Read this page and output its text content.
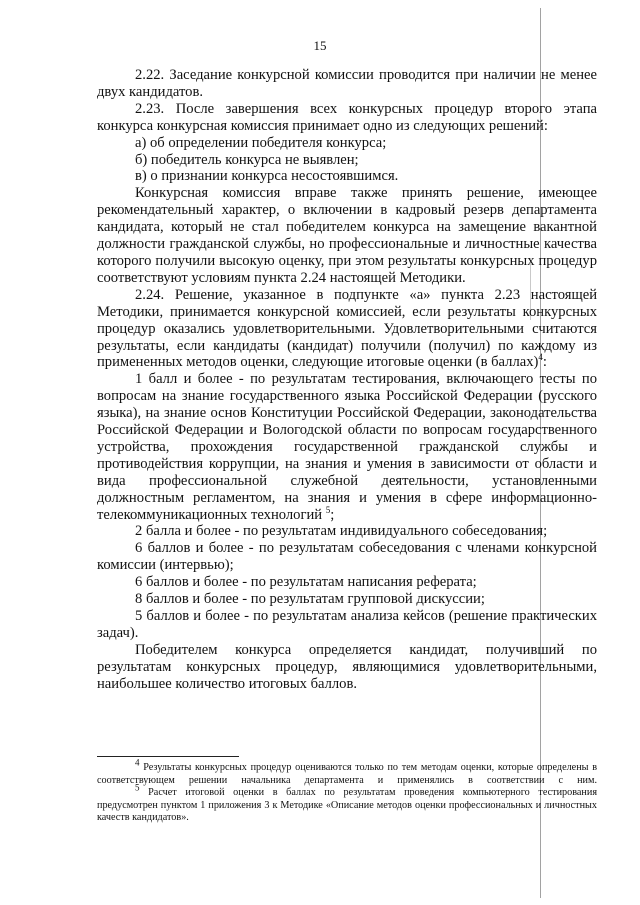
15

2.22. Заседание конкурсной комиссии проводится при наличии не менее двух кандидатов.

2.23. После завершения всех конкурсных процедур второго этапа конкурса конкурсная комиссия принимает одно из следующих решений:

а) об определении победителя конкурса;

б) победитель конкурса не выявлен;

в) о признании конкурса несостоявшимся.

Конкурсная комиссия вправе также принять решение, имеющее рекомендательный характер, о включении в кадровый резерв департамента кандидата, который не стал победителем конкурса на замещение вакантной должности гражданской службы, но профессиональные и личностные качества которого получили высокую оценку, при этом результаты конкурсных процедур соответствуют условиям пункта 2.24 настоящей Методики.

2.24. Решение, указанное в подпункте «а» пункта 2.23 настоящей Методики, принимается конкурсной комиссией, если результаты конкурсных процедур оказались удовлетворительными. Удовлетворительными считаются результаты, если кандидаты (кандидат) получили (получил) по каждому из примененных методов оценки, следующие итоговые оценки (в баллах)$^4$:

1 балл и более - по результатам тестирования, включающего тесты по вопросам на знание государственного языка Российской Федерации (русского языка), на знание основ Конституции Российской Федерации, законодательства Российской Федерации и Вологодской области по вопросам государственного устройства, прохождения государственной гражданской службы и противодействия коррупции, на знания и умения в зависимости от области и вида профессиональной служебной деятельности, установленными должностным регламентом, на знания и умения в сфере информационно-телекоммуникационных технологий $^5$;

2 балла и более - по результатам индивидуального собеседования;

6 баллов и более - по результатам собеседования с членами конкурсной комиссии (интервью);

6 баллов и более - по результатам написания реферата;

8 баллов и более - по результатам групповой дискуссии;

5 баллов и более - по результатам анализа кейсов (решение практических задач).

Победителем конкурса определяется кандидат, получивший по результатам конкурсных процедур, являющимися удовлетворительными, наибольшее количество итоговых баллов.

$^4$ Результаты конкурсных процедур оцениваются только по тем методам оценки, которые определены в соответствующем решении начальника департамента и применялись в соответствии с ним.

$^5$ Расчет итоговой оценки в баллах по результатам проведения компьютерного тестирования предусмотрен пунктом 1 приложения 3 к Методике «Описание методов оценки профессиональных и личностных качеств кандидатов».
